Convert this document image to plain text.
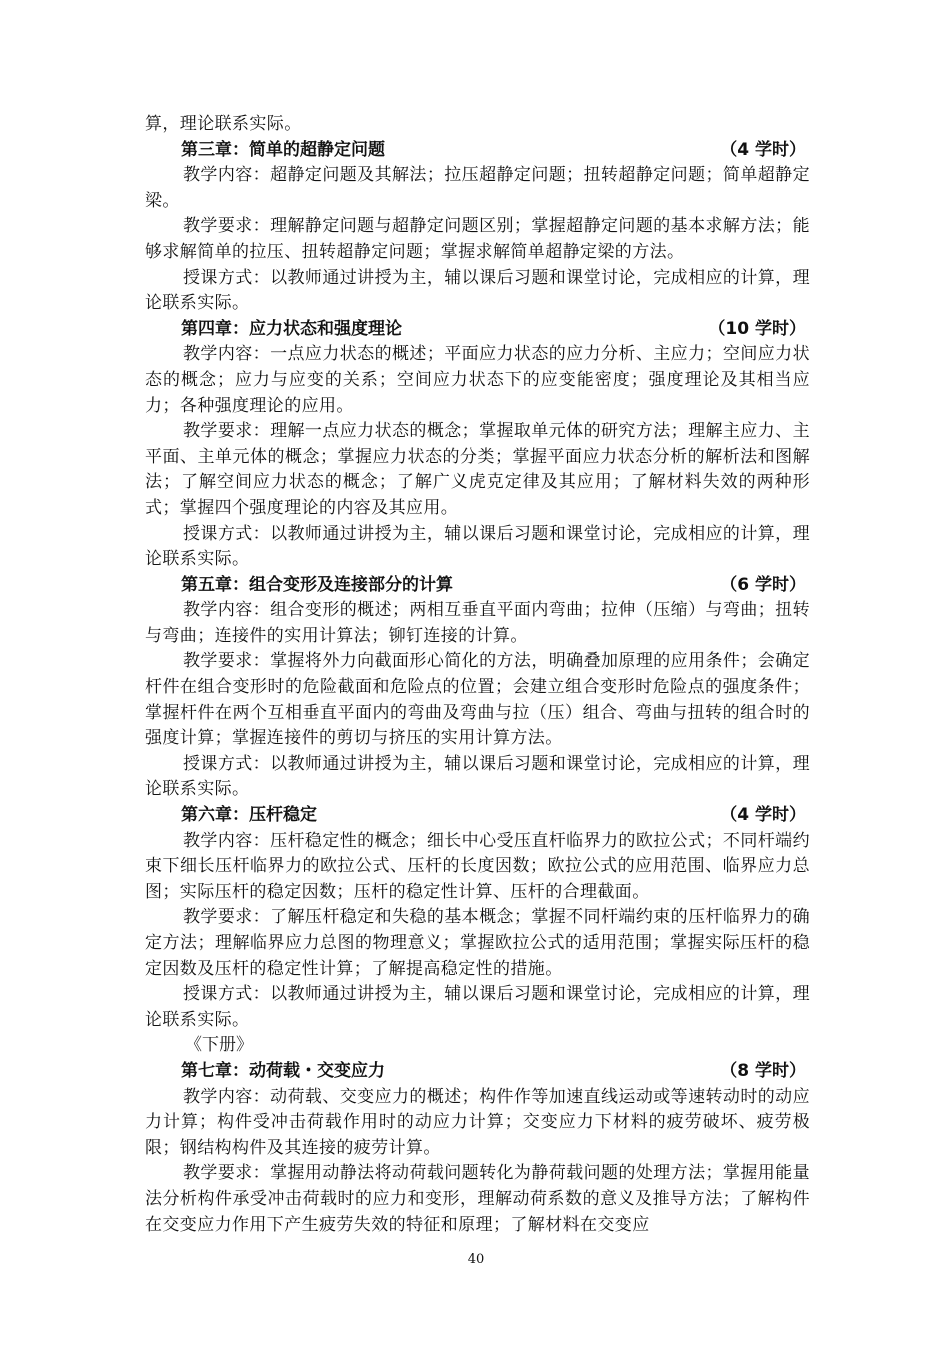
算，理论联系实际。

第三章：简单的超静定问题	（4 学时）

教学内容：超静定问题及其解法；拉压超静定问题；扭转超静定问题；简单超静定梁。

教学要求：理解静定问题与超静定问题区别；掌握超静定问题的基本求解方法；能够求解简单的拉压、扭转超静定问题；掌握求解简单超静定梁的方法。

授课方式：以教师通过讲授为主，辅以课后习题和课堂讨论，完成相应的计算，理论联系实际。

第四章：应力状态和强度理论	（10 学时）

教学内容：一点应力状态的概述；平面应力状态的应力分析、主应力；空间应力状态的概念；应力与应变的关系；空间应力状态下的应变能密度；强度理论及其相当应力；各种强度理论的应用。

教学要求：理解一点应力状态的概念；掌握取单元体的研究方法；理解主应力、主平面、主单元体的概念；掌握应力状态的分类；掌握平面应力状态分析的解析法和图解法；了解空间应力状态的概念；了解广义虎克定律及其应用；了解材料失效的两种形式；掌握四个强度理论的内容及其应用。

授课方式：以教师通过讲授为主，辅以课后习题和课堂讨论，完成相应的计算，理论联系实际。

第五章：组合变形及连接部分的计算	（6 学时）

教学内容：组合变形的概述；两相互垂直平面内弯曲；拉伸（压缩）与弯曲；扭转与弯曲；连接件的实用计算法；铆钉连接的计算。

教学要求：掌握将外力向截面形心简化的方法，明确叠加原理的应用条件；会确定杆件在组合变形时的危险截面和危险点的位置；会建立组合变形时危险点的强度条件；掌握杆件在两个互相垂直平面内的弯曲及弯曲与拉（压）组合、弯曲与扭转的组合时的强度计算；掌握连接件的剪切与挤压的实用计算方法。

授课方式：以教师通过讲授为主，辅以课后习题和课堂讨论，完成相应的计算，理论联系实际。

第六章：压杆稳定	（4 学时）

教学内容：压杆稳定性的概念；细长中心受压直杆临界力的欧拉公式；不同杆端约束下细长压杆临界力的欧拉公式、压杆的长度因数；欧拉公式的应用范围、临界应力总图；实际压杆的稳定因数；压杆的稳定性计算、压杆的合理截面。

教学要求：了解压杆稳定和失稳的基本概念；掌握不同杆端约束的压杆临界力的确定方法；理解临界应力总图的物理意义；掌握欧拉公式的适用范围；掌握实际压杆的稳定因数及压杆的稳定性计算；了解提高稳定性的措施。

授课方式：以教师通过讲授为主，辅以课后习题和课堂讨论，完成相应的计算，理论联系实际。

《下册》

第七章：动荷载・交变应力	（8 学时）

教学内容：动荷载、交变应力的概述；构件作等加速直线运动或等速转动时的动应力计算；构件受冲击荷载作用时的动应力计算；交变应力下材料的疲劳破坏、疲劳极限；钢结构构件及其连接的疲劳计算。

教学要求：掌握用动静法将动荷载问题转化为静荷载问题的处理方法；掌握用能量法分析构件承受冲击荷载时的应力和变形，理解动荷系数的意义及推导方法；了解构件在交变应力作用下产生疲劳失效的特征和原理；了解材料在交变应

40
